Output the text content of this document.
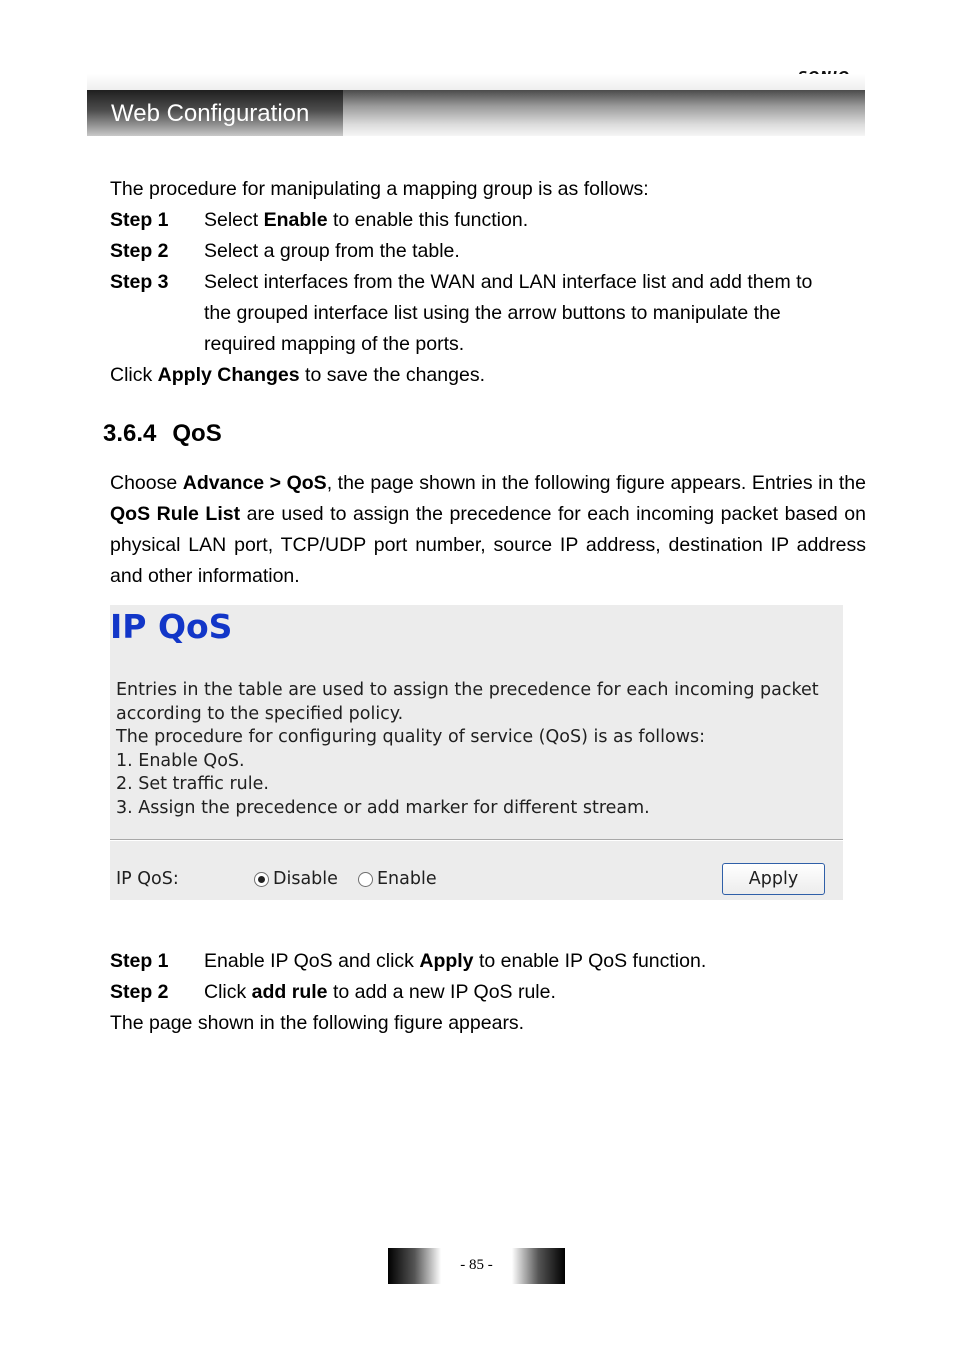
Web Configuration
The procedure for manipulating a mapping group is as follows:
Step 1 Select Enable to enable this function.
Step 2 Select a group from the table.
Step 3 Select interfaces from the WAN and LAN interface list and add them to
the grouped interface list using the arrow buttons to manipulate the
required mapping of the ports.
Click Apply Changes to save the changes.
3.6.4 QoS
Choose Advance > QoS, the page shown in the following figure appears. Entries in the QoS Rule List are used to assign the precedence for each incoming packet based on physical LAN port, TCP/UDP port number, source IP address, destination IP address and other information.
IP QoS
Entries in the table are used to assign the precedence for each incoming packet
according to the specified policy.
The procedure for configuring quality of service (QoS) is as follows:
1. Enable QoS.
2. Set traffic rule.
3. Assign the precedence or add marker for different stream.
IP QoS:	Disable Enable	Apply
Step 1 Enable IP QoS and click Apply to enable IP QoS function.
Step 2 Click add rule to add a new IP QoS rule.
The page shown in the following figure appears.
- 85 -
